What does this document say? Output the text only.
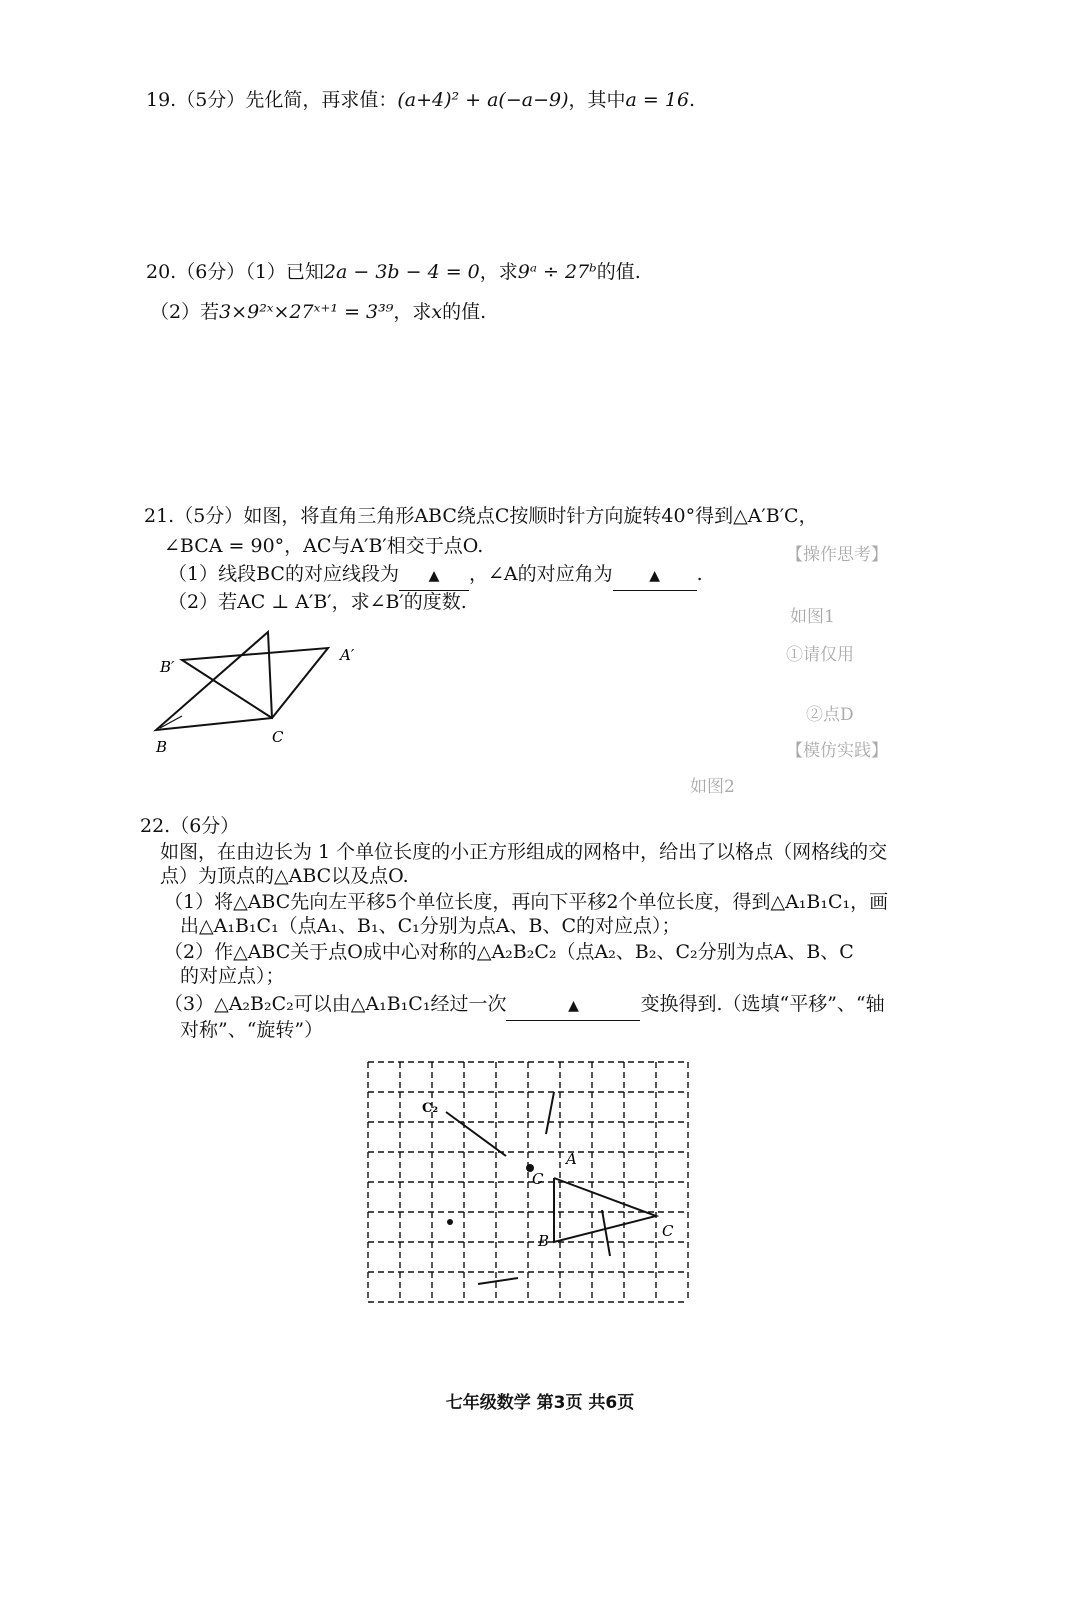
19.（5分）先化简，再求值：(a+4)² + a(−a−9)，其中a = 16.
20.（6分）（1）已知2a − 3b − 4 = 0，求9ᵃ ÷ 27ᵇ的值.
（2）若3×9²ˣ×27ˣ⁺¹ = 3³⁹，求x的值.
21.（5分）如图，将直角三角形ABC绕点C按顺时针方向旋转40°得到△A′B′C，
∠BCA = 90°，AC与A′B′相交于点O.
（1）线段BC的对应线段为 ▲ ，∠A的对应角为	▲ .
（2）若AC ⊥ A′B′，求∠B′的度数.
B′
A′
B
C
【操作思考】
如图1
①请仅用
②点D
【模仿实践】
如图2
22.（6分）
如图，在由边长为 1 个单位长度的小正方形组成的网格中，给出了以格点（网格线的交
点）为顶点的△ABC以及点O.
（1）将△ABC先向左平移5个单位长度，再向下平移2个单位长度，得到△A₁B₁C₁，画
出△A₁B₁C₁（点A₁、B₁、C₁分别为点A、B、C的对应点）；
（2）作△ABC关于点O成中心对称的△A₂B₂C₂（点A₂、B₂、C₂分别为点A、B、C
的对应点）；
（3）△A₂B₂C₂可以由△A₁B₁C₁经过一次	▲	变换得到.（选填“平移”、“轴
对称”、“旋转”）
A
B
C
C
C₂
七年级数学 第3页 共6页
